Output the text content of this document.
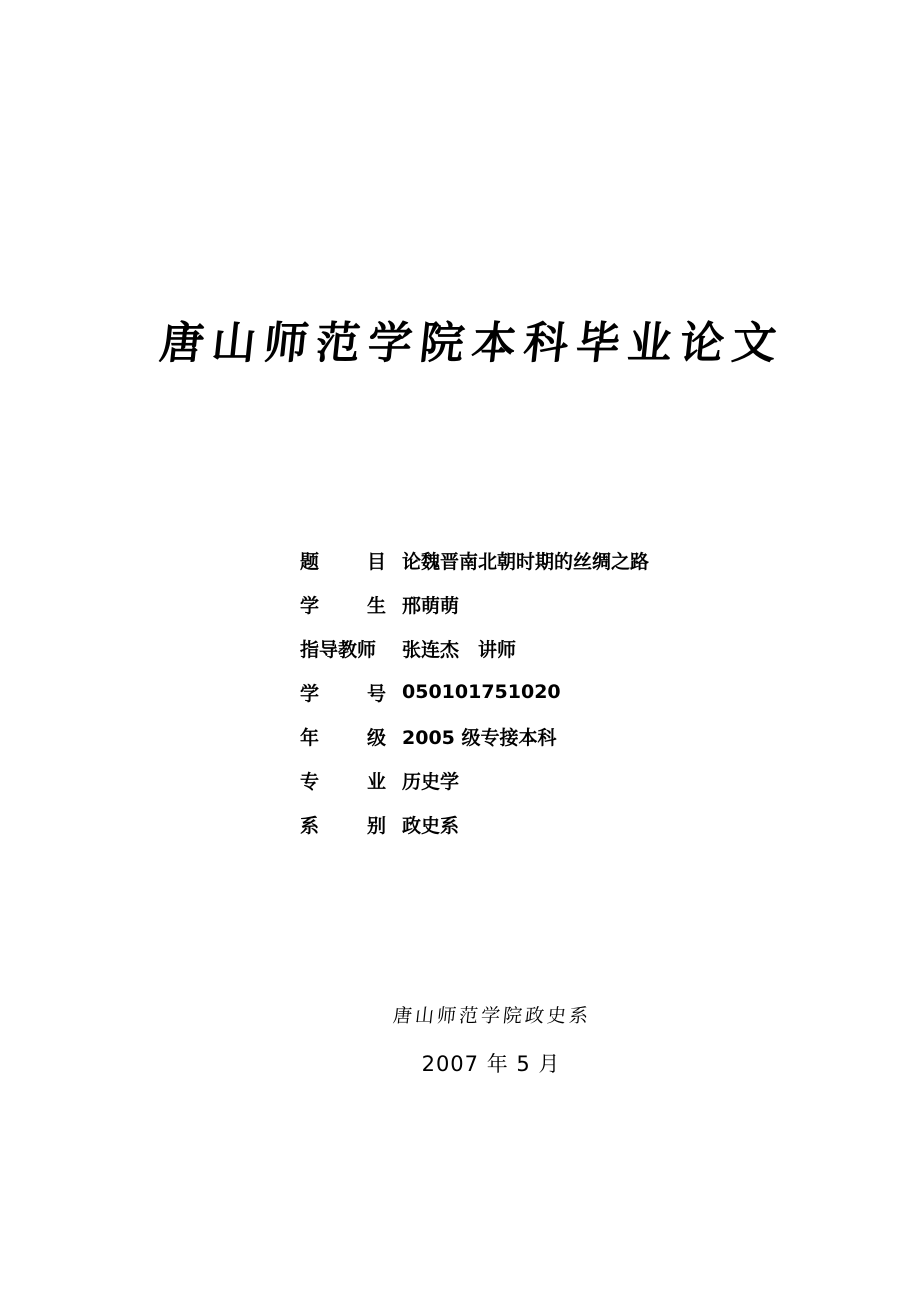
唐山师范学院本科毕业论文
题	目 论魏晋南北朝时期的丝绸之路
学	生 邢萌萌
指导教师 张连杰　讲师
学	号 050101751020
年	级 2005 级专接本科
专	业 历史学
系	别 政史系
唐山师范学院政史系
2007 年 5 月
